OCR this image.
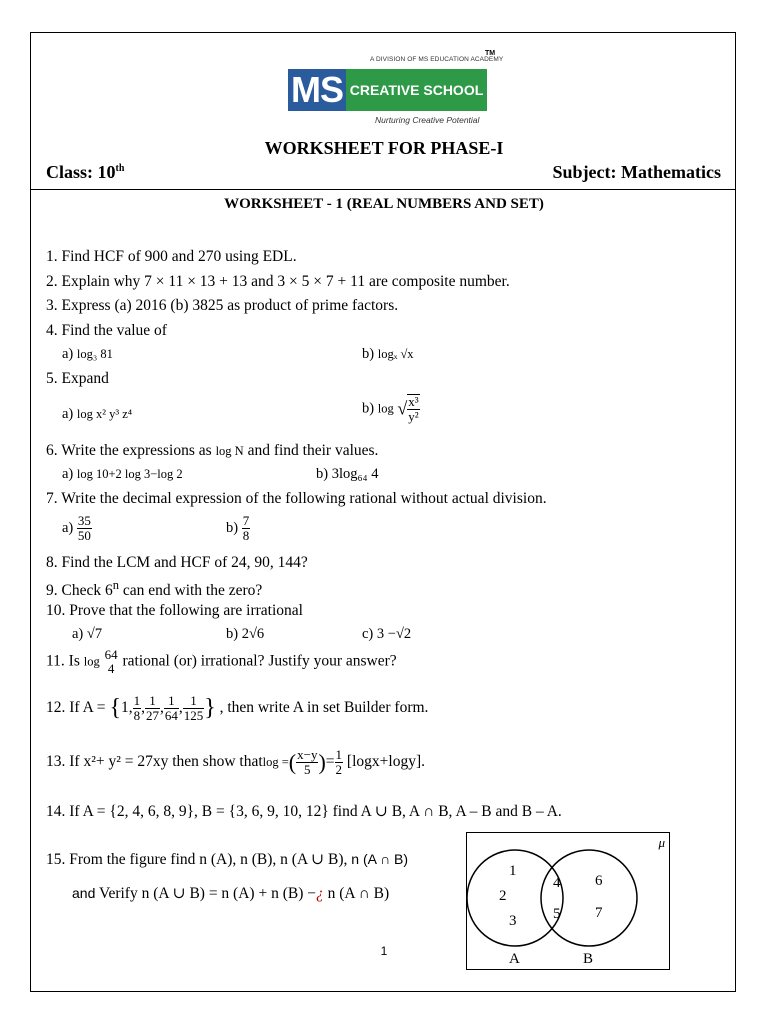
A DIVISION OF MS EDUCATION ACADEMY
TM
MS CREATIVE SCHOOL
Nurturing Creative Potential
WORKSHEET FOR PHASE-I
Class: 10th	Subject: Mathematics
WORKSHEET - 1 (REAL NUMBERS AND SET)
1. Find HCF of 900 and 270 using EDL.
2. Explain why 7 × 11 × 13 + 13 and 3 × 5 × 7 + 11 are composite number.
3. Express (a) 2016 (b) 3825 as product of prime factors.
4. Find the value of
a) log₃ 81	b) logₓ √x
5. Expand
a) log x² y³ z⁴	b) log √ $\frac{\text{x³}}{\text{y²}}$
6. Write the expressions as log N and find their values.
a) log 10+2 log 3−log 2	b) 3log₆₄ 4
7. Write the decimal expression of the following rational without actual division.
$a) \frac{35}{50}$	$b) \frac{7}{8}$
8. Find the LCM and HCF of 24, 90, 144?
9. Check 6$^n$ can end with the zero?
10. Prove that the following are irrational
a) √7	b) 2√6	c) 3 −√2
11. Is log 64
4 rational (or) irrational? Justify your answer?
12. If A = {1, $\frac{1}{8}$ , $\frac{1}{27}$ , $\frac{1}{64}$ , $\frac{1}{125}$ } , then write A in set Builder form.
13. If x²+ y² = 27xy then show thatlog =( $\frac{x-y}{5}$ )= $\frac{1}{2} [\log x+\log y]$.
14. If A = {2, 4, 6, 8, 9}, B = {3, 6, 9, 10, 12} find A ∪ B, A ∩ B, A – B and B – A.
15. From the figure find n (A), n (B), n (A ∪ B), n (A ∩ B)
and Verify n (A ∪ B) = n (A) + n (B) −¿ n (A ∩ B)
μ
1
2
3
4
5
6
7
A	B
1
